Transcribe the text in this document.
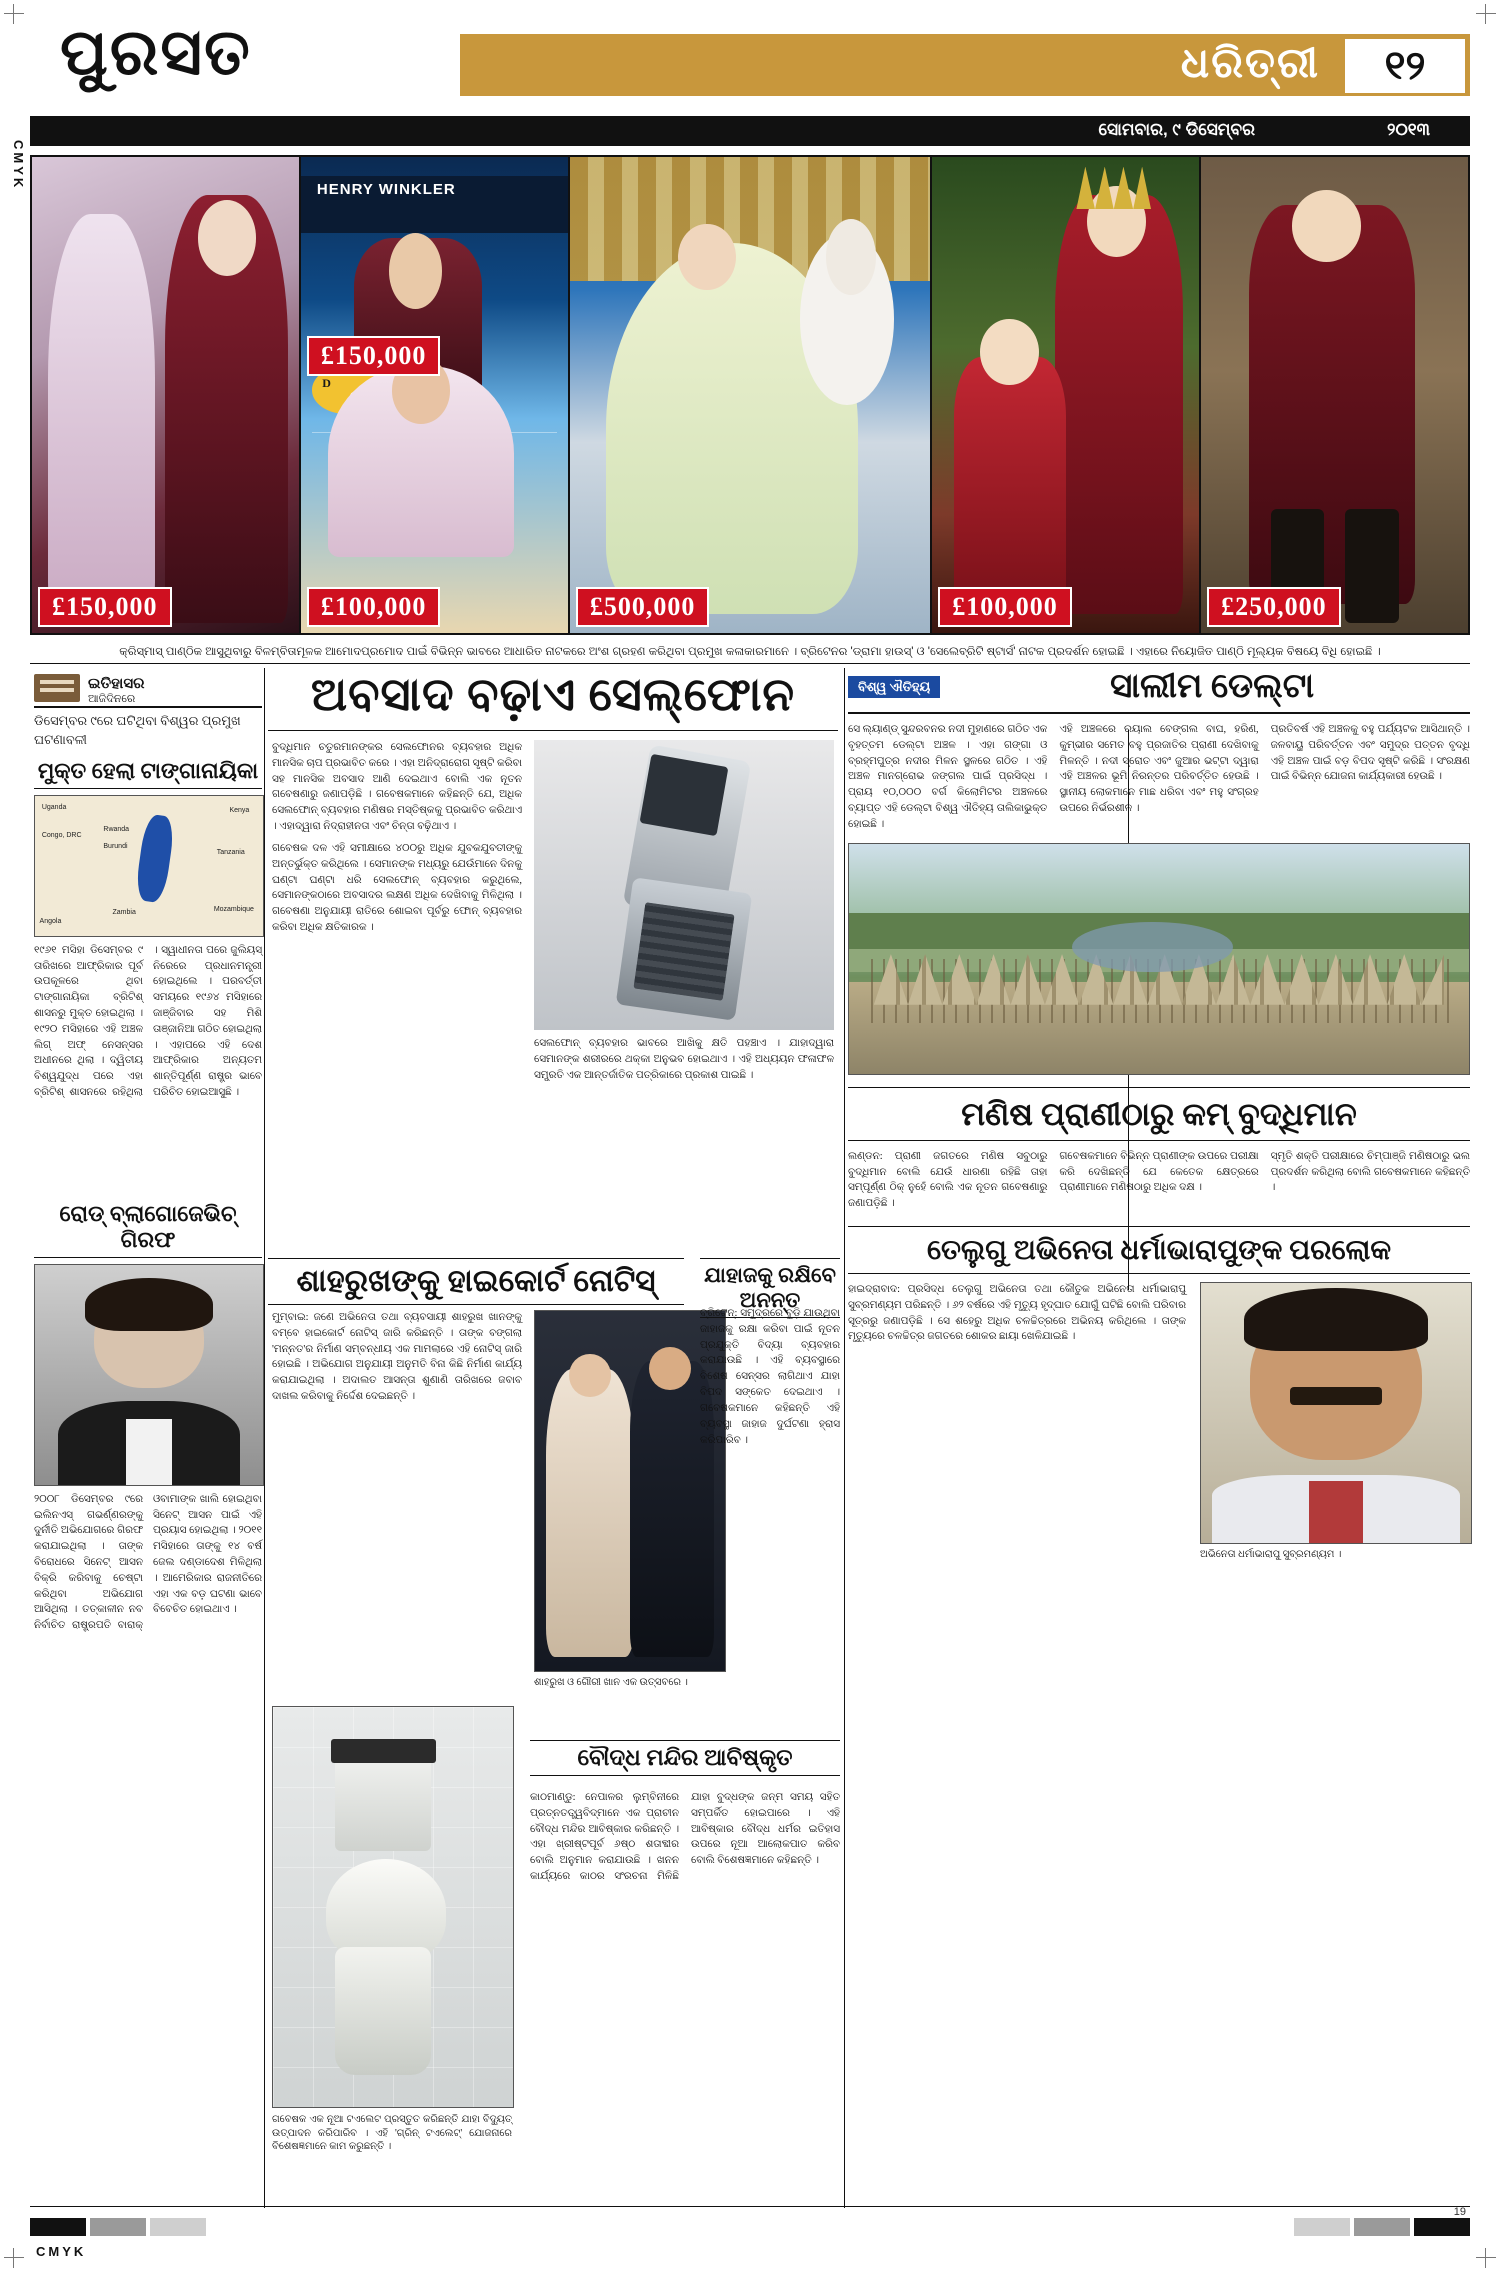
ପୁରସତ	ଧରିତ୍ରୀ	୧୨
ସୋମବାର, ୯ ଡିସେମ୍ବର	୨୦୧୩
CMYK
£150,000
HENRY WINKLER
D
£150,000
£100,000	£500,000	£100,000	£250,000
କ୍ରିସ୍‌ମାସ୍‌ ପାଣ୍ଠିକ ଆସୁଥିବାରୁ ବିଳମ୍ବିତାମୂଳକ ଆମୋଦପ୍ରମୋଦ ପାଇଁ ବିଭିନ୍ନ ଭାବରେ ଆଧାରିତ ନାଟକରେ ଅଂଶ ଗ୍ରହଣ କରିଥିବା ପ୍ରମୁଖ କଳାକାରମାନେ । ବ୍ରିଟେନର 'ଡ୍ରାମା ହାଉସ୍‌' ଓ 'ସେଲେବ୍ରିଟି ଷ୍ଟାର୍ସ' ନାଟକ ପ୍ରଦର୍ଶନ ହୋଇଛି । ଏହାରେ ନିୟୋଜିତ ପାଣ୍ଠି ମୂଲ୍ୟକ ବିଷୟେ ବିଧି ହୋଇଛି ।
ଇତିହାସର
ଆଜିଦିନରେ
ଡିସେମ୍ବର ୯ରେ ଘଟିଥିବା ବିଶ୍ୱର ପ୍ରମୁଖ ଘଟଣାବଳୀ
ମୁକ୍ତ ହେଲା ଟାଙ୍ଗାନାୟିକା
Uganda
Congo, DRC
Kenya
Rwanda
Burundi
Tanzania
Zambia	Mozambique
Angola
୧୯୬୧ ମସିହା ଡିସେମ୍ବର ୯ ତାରିଖରେ ଆଫ୍ରିକାର ପୂର୍ବ ଉପକୂଳରେ ଥିବା ଟାଙ୍ଗାନାୟିକା ବ୍ରିଟିଶ୍ ଶାସନରୁ ମୁକ୍ତ ହୋଇଥିଲା । ୧୯୨୦ ମସିହାରେ ଏହି ଅଞ୍ଚଳ ଲିଗ୍ ଅଫ୍ ନେସନ୍ସର ଅଧୀନରେ ଥିଲା । ଦ୍ୱିତୀୟ ବିଶ୍ୱଯୁଦ୍ଧ ପରେ ଏହା ବ୍ରିଟିଶ୍ ଶାସନରେ ରହିଥିଲା । ସ୍ୱାଧୀନତା ପରେ ଜୁଲିୟସ୍ ନିରେରେ ପ୍ରଧାନମନ୍ତ୍ରୀ ହୋଇଥିଲେ । ପରବର୍ତ୍ତୀ ସମୟରେ ୧୯୬୪ ମସିହାରେ ଜାଞ୍ଜିବାର ସହ ମିଶି ତାଞ୍ଜାନିଆ ଗଠିତ ହୋଇଥିଲା । ଏହାପରେ ଏହି ଦେଶ ଆଫ୍ରିକାର ଅନ୍ୟତମ ଶାନ୍ତିପୂର୍ଣ୍ଣ ରାଷ୍ଟ୍ର ଭାବେ ପରିଚିତ ହୋଇଆସୁଛି ।
ରୋଡ୍ ବ୍ଲାଗୋଜେଭିଚ୍ ଗିରଫ
୨୦୦୮ ଡିସେମ୍ବର ୯ରେ ଇଲିନଏସ୍ ଗଭର୍ଣ୍ଣରଙ୍କୁ ଦୁର୍ନୀତି ଅଭିଯୋଗରେ ଗିରଫ କରାଯାଇଥିଲା । ତାଙ୍କ ବିରୋଧରେ ସିନେଟ୍ ଆସନ ବିକ୍ରି କରିବାକୁ ଚେଷ୍ଟା କରିଥିବା ଅଭିଯୋଗ ଆସିଥିଲା । ତତ୍କାଳୀନ ନବ ନିର୍ବାଚିତ ରାଷ୍ଟ୍ରପତି ବାରାକ୍ ଓବାମାଙ୍କ ଖାଲି ହୋଇଥିବା ସିନେଟ୍ ଆସନ ପାଇଁ ଏହି ପ୍ରୟାସ ହୋଇଥିଲା । ୨୦୧୧ ମସିହାରେ ତାଙ୍କୁ ୧୪ ବର୍ଷ ଜେଲ ଦଣ୍ଡାଦେଶ ମିଳିଥିଲା । ଆମେରିକାର ରାଜନୀତିରେ ଏହା ଏକ ବଡ଼ ଘଟଣା ଭାବେ ବିବେଚିତ ହୋଇଥାଏ ।
ଅବସାଦ ବଢ଼ାଏ ସେଲ୍‌ଫୋନ
ବୁଦ୍ଧିମାନ ଚତୁରମାନଙ୍କର ସେଲଫୋନର ବ୍ୟବହାର ଅଧିକ ମାନସିକ ଚାପ ପ୍ରଭାବିତ କରେ । ଏହା ଅନିଦ୍ରାରୋଗ ସୃଷ୍ଟି କରିବା ସହ ମାନସିକ ଅବସାଦ ଆଣି ଦେଇଥାଏ ବୋଲି ଏକ ନୂତନ ଗବେଷଣାରୁ ଜଣାପଡ଼ିଛି । ଗବେଷକମାନେ କହିଛନ୍ତି ଯେ, ଅଧିକ ସେଲଫୋନ୍ ବ୍ୟବହାର ମଣିଷର ମସ୍ତିଷ୍କକୁ ପ୍ରଭାବିତ କରିଥାଏ । ଏହାଦ୍ୱାରା ନିଦ୍ରାହୀନତା ଏବଂ ଚିନ୍ତା ବଢ଼ିଥାଏ ।
ଗବେଷକ ଦଳ ଏହି ସମୀକ୍ଷାରେ ୪୦୦ରୁ ଅଧିକ ଯୁବକଯୁବତୀଙ୍କୁ ଅନ୍ତର୍ଭୁକ୍ତ କରିଥିଲେ । ସେମାନଙ୍କ ମଧ୍ୟରୁ ଯେଉଁମାନେ ଦିନକୁ ଘଣ୍ଟା ଘଣ୍ଟା ଧରି ସେଲଫୋନ୍ ବ୍ୟବହାର କରୁଥିଲେ, ସେମାନଙ୍କଠାରେ ଅବସାଦର ଲକ୍ଷଣ ଅଧିକ ଦେଖିବାକୁ ମିଳିଥିଲା । ଗବେଷଣା ଅନୁଯାୟୀ ରାତିରେ ଶୋଇବା ପୂର୍ବରୁ ଫୋନ୍ ବ୍ୟବହାର କରିବା ଅଧିକ କ୍ଷତିକାରକ ।
ସେଲଫୋନ୍ ବ୍ୟବହାର ଭାବରେ ଆଖିକୁ କ୍ଷତି ପହଞ୍ଚାଏ । ଯାହାଦ୍ୱାରା ସେମାନଙ୍କ ଶରୀରରେ ଥକ୍କା ଅନୁଭବ ହୋଇଥାଏ । ଏହି ଅଧ୍ୟୟନ ଫଳାଫଳ ସମ୍ପ୍ରତି ଏକ ଆନ୍ତର୍ଜାତିକ ପତ୍ରିକାରେ ପ୍ରକାଶ ପାଇଛି ।
ଶାହରୁଖଙ୍କୁ ହାଇକୋର୍ଟ ନୋଟିସ୍
ମୁମ୍ବାଇ: ଜଣେ ଅଭିନେତା ତଥା ବ୍ୟବସାୟୀ ଶାହରୁଖ ଖାନଙ୍କୁ ବମ୍ବେ ହାଇକୋର୍ଟ ନୋଟିସ୍ ଜାରି କରିଛନ୍ତି । ତାଙ୍କ ବଙ୍ଗଲା 'ମନ୍ନତ'ର ନିର୍ମାଣ ସମ୍ବନ୍ଧୀୟ ଏକ ମାମଲାରେ ଏହି ନୋଟିସ୍ ଜାରି ହୋଇଛି । ଅଭିଯୋଗ ଅନୁଯାୟୀ ଅନୁମତି ବିନା କିଛି ନିର୍ମାଣ କାର୍ଯ୍ୟ କରାଯାଇଥିଲା । ଅଦାଲତ ଆସନ୍ତା ଶୁଣାଣି ତାରିଖରେ ଜବାବ ଦାଖଲ କରିବାକୁ ନିର୍ଦ୍ଦେଶ ଦେଇଛନ୍ତି ।
ଶାହରୁଖ ଓ ଗୌରୀ ଖାନ ଏକ ଉତ୍ସବରେ ।
ଗବେଷକ ଏକ ନୂଆ ଟଏଲେଟ ପ୍ରସ୍ତୁତ କରିଛନ୍ତି ଯାହା ବିଦ୍ୟୁତ୍ ଉତ୍ପାଦନ କରିପାରିବ । ଏହି 'ଗ୍ରିନ୍ ଟଏଲେଟ୍' ଯୋଜନାରେ ବିଶେଷଜ୍ଞମାନେ କାମ କରୁଛନ୍ତି ।
ଯାହାଜକୁ ରକ୍ଷିବେ ଅନନ୍ତ
ବ୍ରିଟେନ୍‌: ସମୁଦ୍ରରେ ବୁଡ଼ି ଯାଉଥିବା ଜାହାଜକୁ ରକ୍ଷା କରିବା ପାଇଁ ନୂତନ ପ୍ରଯୁକ୍ତି ବିଦ୍ୟା ବ୍ୟବହାର କରାଯାଉଛି । ଏହି ବ୍ୟବସ୍ଥାରେ ବିଶେଷ ସେନ୍ସର ଲାଗିଥାଏ ଯାହା ବିପଦ ସଙ୍କେତ ଦେଇଥାଏ । ଗବେଷକମାନେ କହିଛନ୍ତି ଏହି ବ୍ୟବସ୍ଥା ଜାହାଜ ଦୁର୍ଘଟଣା ହ୍ରାସ କରିପାରିବ ।
ବୌଦ୍ଧ ମନ୍ଦିର ଆବିଷ୍କୃତ
କାଠମାଣ୍ଡୁ: ନେପାଳର ଲୁମ୍ବିନୀରେ ପ୍ରତ୍ନତତ୍ତ୍ୱବିଦ୍‌ମାନେ ଏକ ପ୍ରାଚୀନ ବୌଦ୍ଧ ମନ୍ଦିର ଆବିଷ୍କାର କରିଛନ୍ତି । ଏହା ଖ୍ରୀଷ୍ଟପୂର୍ବ ୬ଷ୍ଠ ଶତାବ୍ଦୀର ବୋଲି ଅନୁମାନ କରାଯାଉଛି । ଖନନ କାର୍ଯ୍ୟରେ କାଠର ସଂରଚନା ମିଳିଛି ଯାହା ବୁଦ୍ଧଙ୍କ ଜନ୍ମ ସମୟ ସହିତ ସମ୍ପର୍କିତ ହୋଇପାରେ । ଏହି ଆବିଷ୍କାର ବୌଦ୍ଧ ଧର୍ମର ଇତିହାସ ଉପରେ ନୂଆ ଆଲୋକପାତ କରିବ ବୋଲି ବିଶେଷଜ୍ଞମାନେ କହିଛନ୍ତି ।
ବିଶ୍ୱ ଐତିହ୍ୟ	ସାଲୀମ ଡେଲ୍ଟା
ସେ ଲ୍ୟାଣ୍ଡ୍ ସୁନ୍ଦରବନର ନଦୀ ମୁହାଣରେ ଗଠିତ ଏକ ବୃହତ୍ତମ ଡେଲ୍ଟା ଅଞ୍ଚଳ । ଏହା ଗଙ୍ଗା ଓ ବ୍ରହ୍ମପୁତ୍ର ନଦୀର ମିଳନ ସ୍ଥଳରେ ଗଠିତ । ଏହି ଅଞ୍ଚଳ ମାନଗ୍ରୋଭ ଜଙ୍ଗଲ ପାଇଁ ପ୍ରସିଦ୍ଧ । ପ୍ରାୟ ୧୦,୦୦୦ ବର୍ଗ କିଲୋମିଟର ଅଞ୍ଚଳରେ ବ୍ୟାପ୍ତ ଏହି ଡେଲ୍ଟା ବିଶ୍ୱ ଐତିହ୍ୟ ତାଲିକାଭୁକ୍ତ ହୋଇଛି ।
ଏହି ଅଞ୍ଚଳରେ ରୟାଲ ବେଙ୍ଗଲ ବାଘ, ହରିଣ, କୁମ୍ଭୀର ସମେତ ବହୁ ପ୍ରଜାତିର ପ୍ରାଣୀ ଦେଖିବାକୁ ମିଳନ୍ତି । ନଦୀ ସ୍ରୋତ ଏବଂ ଜୁଆର ଭଟ୍ଟା ଦ୍ୱାରା ଏହି ଅଞ୍ଚଳର ଭୂମି ନିରନ୍ତର ପରିବର୍ତ୍ତିତ ହେଉଛି । ସ୍ଥାନୀୟ ଲୋକମାନେ ମାଛ ଧରିବା ଏବଂ ମହୁ ସଂଗ୍ରହ ଉପରେ ନିର୍ଭରଶୀଳ ।
ପ୍ରତିବର୍ଷ ଏହି ଅଞ୍ଚଳକୁ ବହୁ ପର୍ଯ୍ୟଟକ ଆସିଥାନ୍ତି । ଜଳବାୟୁ ପରିବର୍ତ୍ତନ ଏବଂ ସମୁଦ୍ର ପତ୍ତନ ବୃଦ୍ଧି ଏହି ଅଞ୍ଚଳ ପାଇଁ ବଡ଼ ବିପଦ ସୃଷ୍ଟି କରିଛି । ସଂରକ୍ଷଣ ପାଇଁ ବିଭିନ୍ନ ଯୋଜନା କାର୍ଯ୍ୟକାରୀ ହେଉଛି ।
ମଣିଷ ପ୍ରାଣୀଠାରୁ କମ୍ ବୁଦ୍ଧିମାନ
ଲଣ୍ଡନ: ପ୍ରାଣୀ ଜଗତରେ ମଣିଷ ସବୁଠାରୁ ବୁଦ୍ଧିମାନ ବୋଲି ଯେଉଁ ଧାରଣା ରହିଛି ତାହା ସମ୍ପୂର୍ଣ୍ଣ ଠିକ୍ ନୁହେଁ ବୋଲି ଏକ ନୂତନ ଗବେଷଣାରୁ ଜଣାପଡ଼ିଛି ।
ଗବେଷକମାନେ ବିଭିନ୍ନ ପ୍ରାଣୀଙ୍କ ଉପରେ ପରୀକ୍ଷା କରି ଦେଖିଛନ୍ତି ଯେ କେତେକ କ୍ଷେତ୍ରରେ ପ୍ରାଣୀମାନେ ମଣିଷଠାରୁ ଅଧିକ ଦକ୍ଷ ।
ସ୍ମୃତି ଶକ୍ତି ପରୀକ୍ଷାରେ ଚିମ୍ପାଞ୍ଜି ମଣିଷଠାରୁ ଭଲ ପ୍ରଦର୍ଶନ କରିଥିଲା ବୋଲି ଗବେଷକମାନେ କହିଛନ୍ତି ।
ତେଲୁଗୁ ଅଭିନେତା ଧର୍ମାଭାରାପୁଙ୍କ ପରଲୋକ
ହାଇଦ୍ରାବାଦ: ପ୍ରସିଦ୍ଧ ତେଲୁଗୁ ଅଭିନେତା ତଥା କୌତୁକ ଅଭିନେତା ଧର୍ମାଭାରାପୁ ସୁବ୍ରମଣ୍ୟମ ପରିଛନ୍ତି । ୬୨ ବର୍ଷରେ ଏହି ମୃତ୍ୟୁ ହୃଦ୍‌ଘାତ ଯୋଗୁଁ ଘଟିଛି ବୋଲି ପରିବାର ସୂତ୍ରରୁ ଜଣାପଡ଼ିଛି । ସେ ଶହେରୁ ଅଧିକ ଚଳଚ୍ଚିତ୍ରରେ ଅଭିନୟ କରିଥିଲେ । ତାଙ୍କ ମୃତ୍ୟୁରେ ଚଳଚ୍ଚିତ୍ର ଜଗତରେ ଶୋକର ଛାୟା ଖେଳିଯାଇଛି ।
ଅଭିନେତା ଧର୍ମାଭାରାପୁ ସୁବ୍ରମଣ୍ୟମ ।
CMYK
19
